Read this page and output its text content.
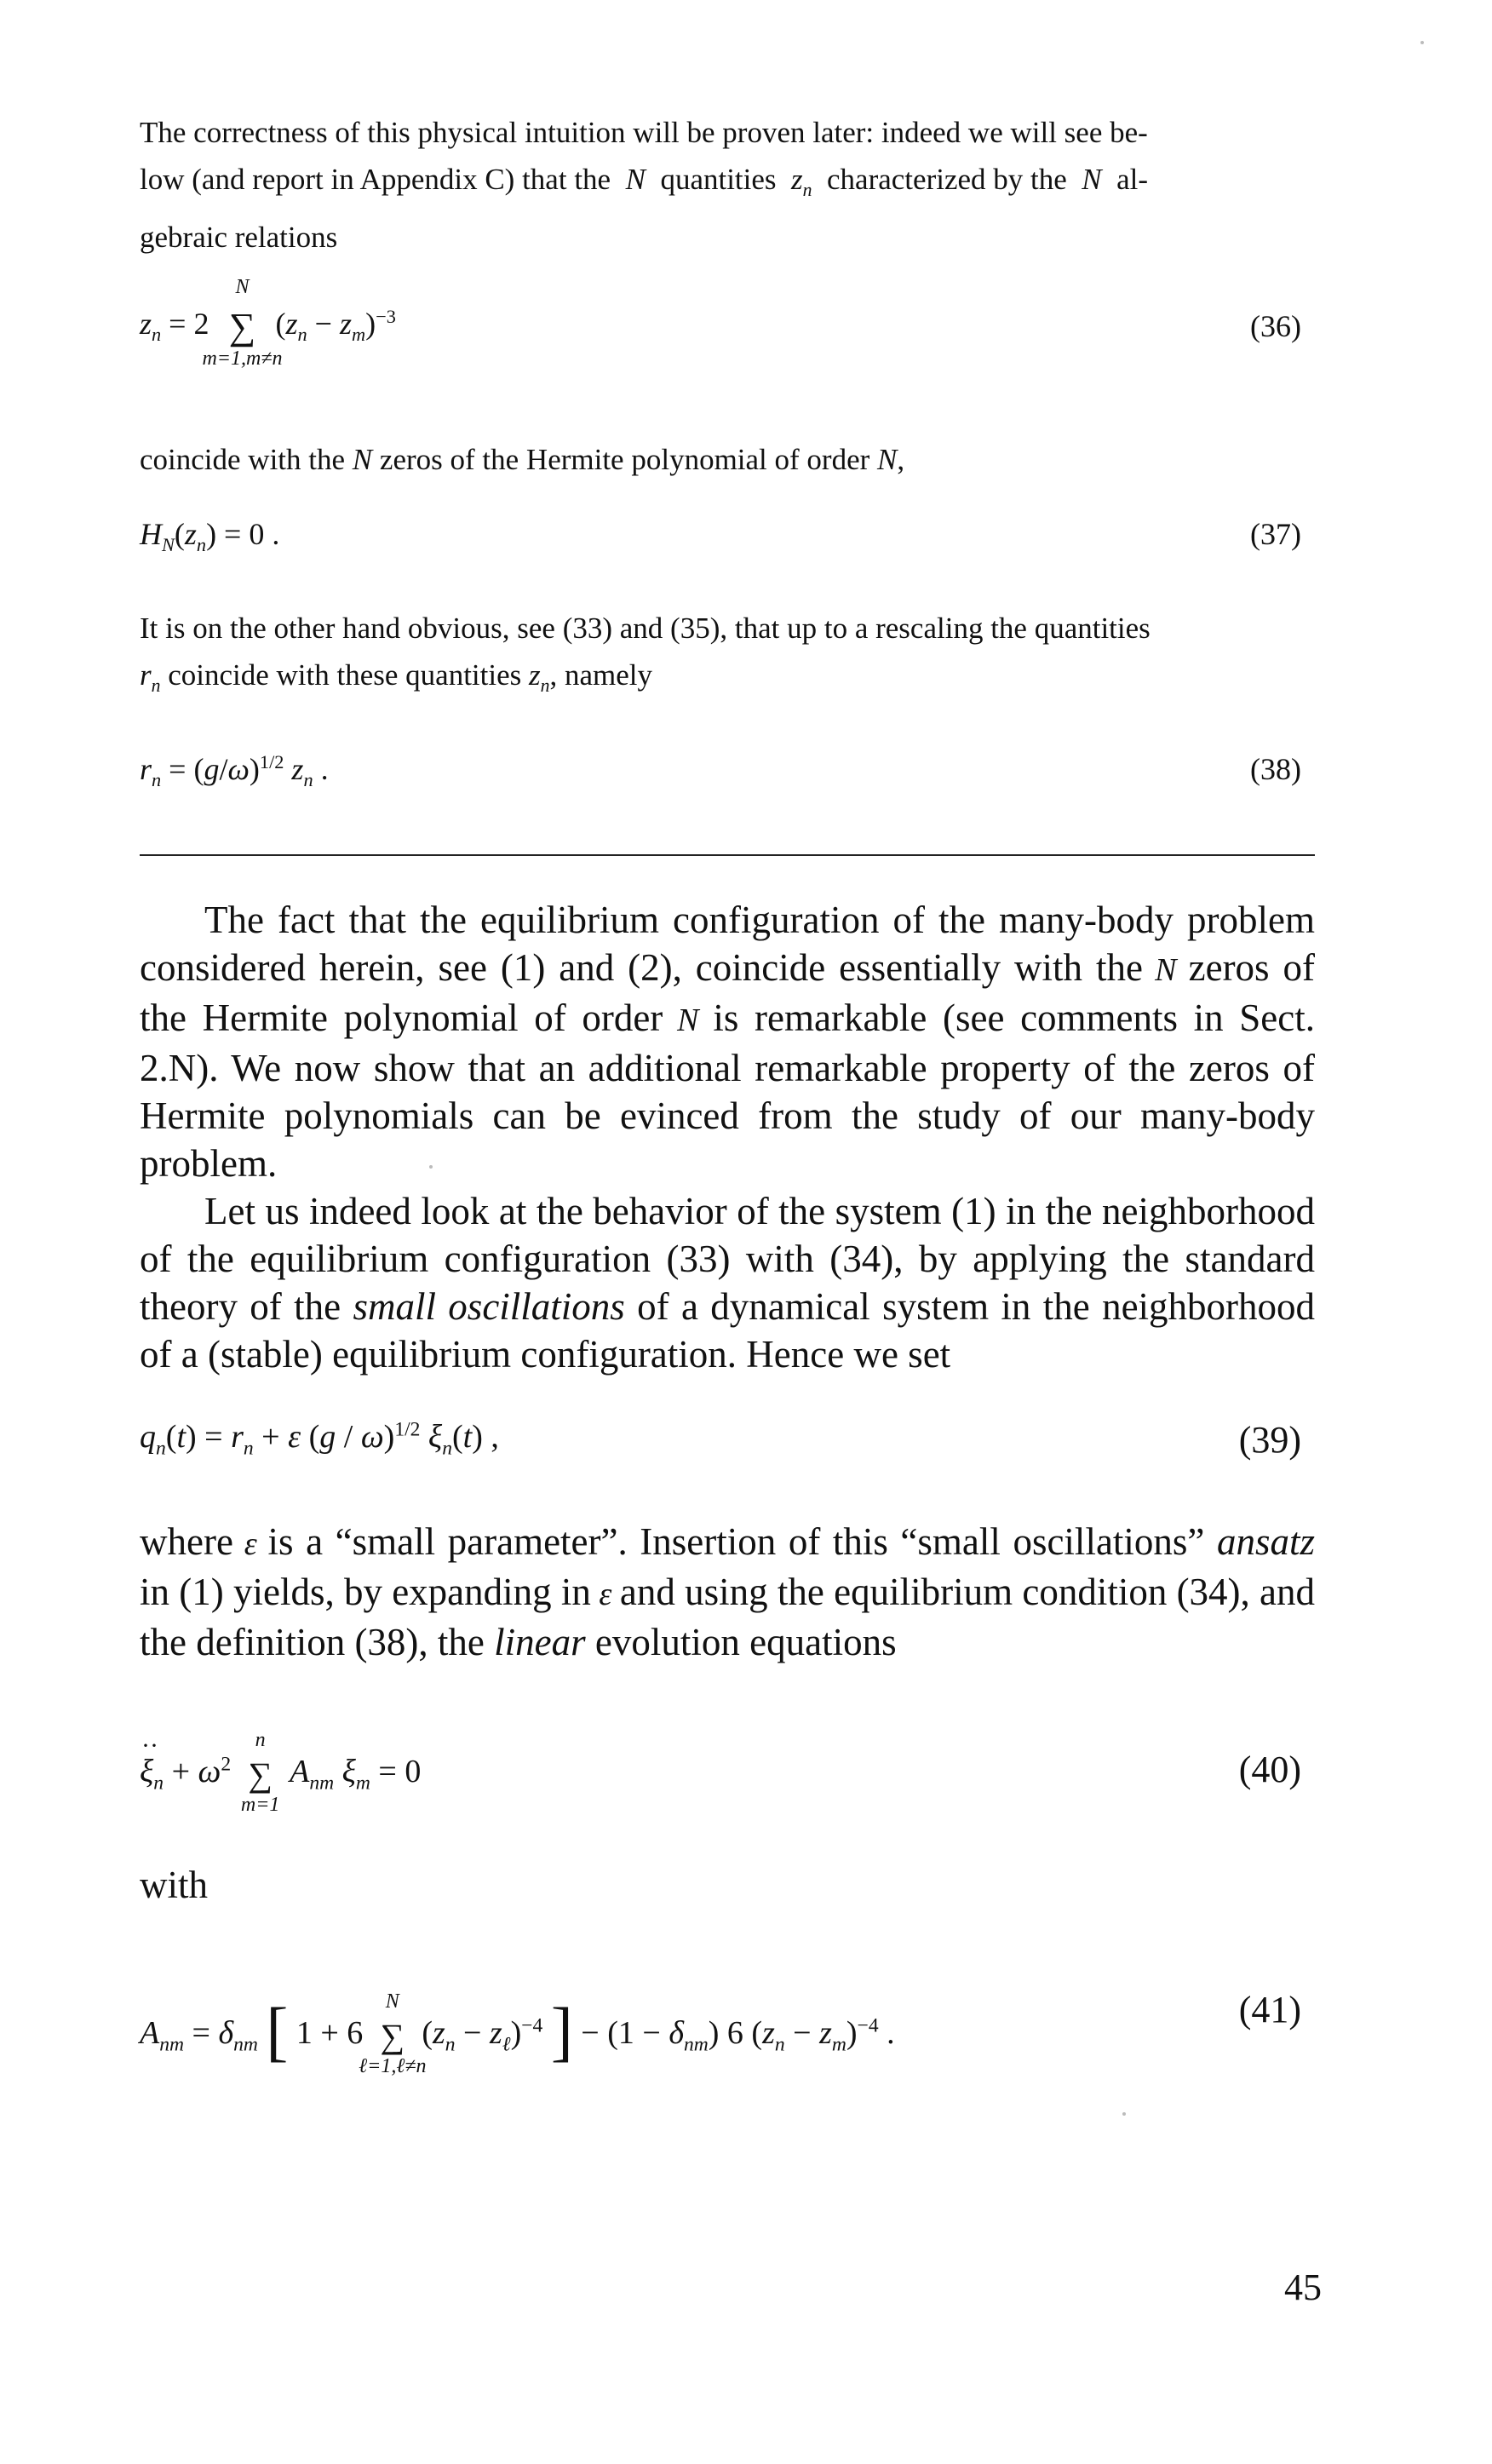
The correctness of this physical intuition will be proven later: indeed we will see be-

low (and report in Appendix C) that the  N  quantities  $z_n$ characterized by the  N  al-

gebraic relations

$z_n = 2$
N
∑
m=1,m≠n
$(z_n - z_m)^{-3}$	(36)

coincide with the N zeros of the Hermite polynomial of order N,

$H_N(z_n) = 0$ .	(37)

It is on the other hand obvious, see (33) and (35), that up to a rescaling the quantities

$r_n$ coincide with these quantities $z_n$, namely

$r_n = (g/\omega)^{1/2}$ $z_n$ .	(38)

The fact that the equilibrium configuration of the many-body problem considered herein, see (1) and (2), coincide essentially with the N zeros of the Hermite polynomial of order N is remarkable (see comments in Sect. 2.N). We now show that an additional remarkable property of the zeros of Hermite polynomials can be evinced from the study of our many-body problem.

Let us indeed look at the behavior of the system (1) in the neighborhood of the equilibrium configuration (33) with (34), by applying the standard theory of the small oscillations of a dynamical system in the neighborhood of a (stable) equilibrium configuration. Hence we set

$q_n(t) = r_n + \varepsilon$ (g / ω)$^{1/2}$ $\xi_n(t)$ ,	(39)

where ε is a “small parameter”. Insertion of this “small oscillations” ansatz in (1) yields, by expanding in ε and using the equilibrium condition (34), and the definition (38), the linear evolution equations

ξ
··
$_n + \omega^2$
n
∑
m=1
$A_{nm}$ $\xi_m = 0$	(40)

with

$A_{nm} = \delta_{nm}$ [ 1 + 6
N
∑
ℓ=1,ℓ≠n
$(z_n - z_\ell)^{-4}$ ] − $(1 - \delta_{nm})$ 6 $(z_n - z_m)^{-4}$ .
(41)
45
